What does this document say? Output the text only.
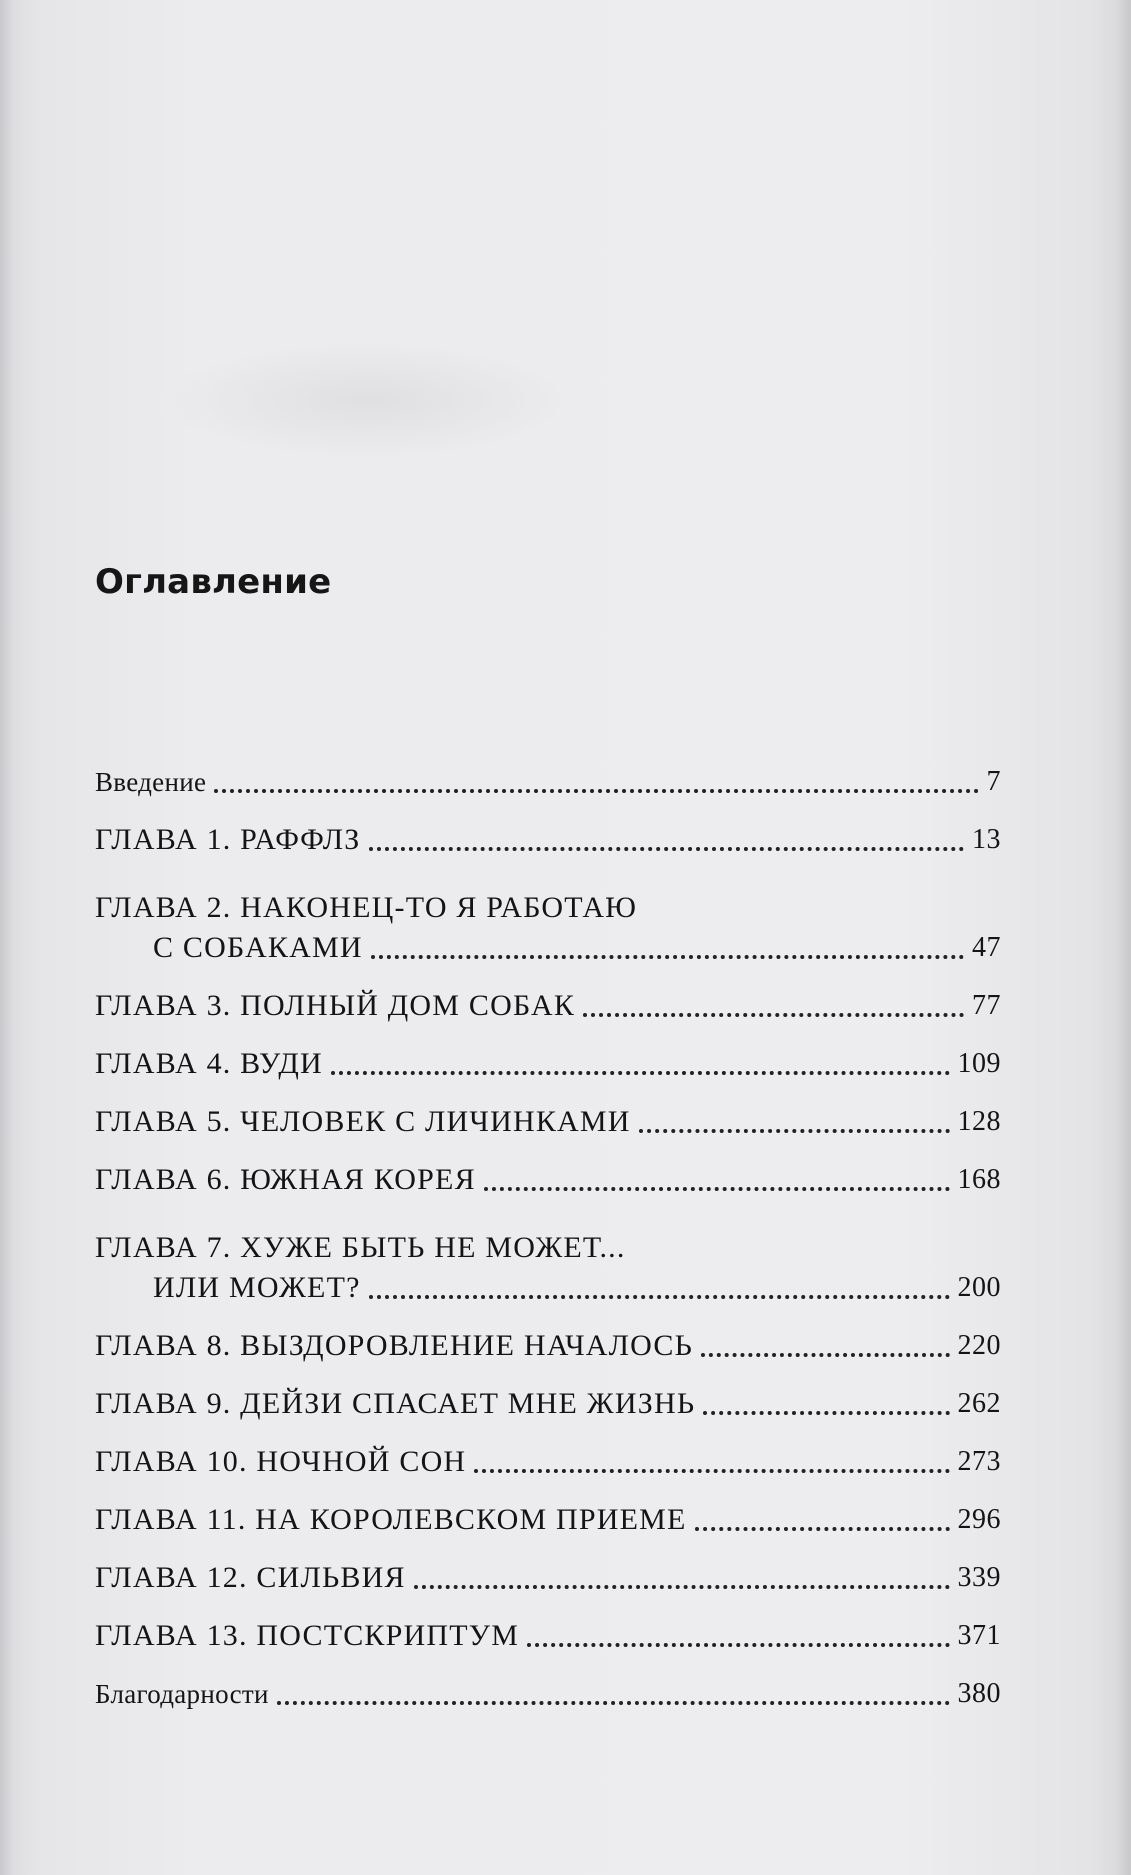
Оглавление
Введение	7
ГЛАВА 1. РАФФЛЗ	13
ГЛАВА 2. НАКОНЕЦ-ТО Я РАБОТАЮ
С СОБАКАМИ	47
ГЛАВА 3. ПОЛНЫЙ ДОМ СОБАК	77
ГЛАВА 4. ВУДИ	109
ГЛАВА 5. ЧЕЛОВЕК С ЛИЧИНКАМИ	128
ГЛАВА 6. ЮЖНАЯ КОРЕЯ	168
ГЛАВА 7. ХУЖЕ БЫТЬ НЕ МОЖЕТ...
ИЛИ МОЖЕТ?	200
ГЛАВА 8. ВЫЗДОРОВЛЕНИЕ НАЧАЛОСЬ	220
ГЛАВА 9. ДЕЙЗИ СПАСАЕТ МНЕ ЖИЗНЬ	262
ГЛАВА 10. НОЧНОЙ СОН	273
ГЛАВА 11. НА КОРОЛЕВСКОМ ПРИЕМЕ	296
ГЛАВА 12. СИЛЬВИЯ	339
ГЛАВА 13. ПОСТСКРИПТУМ	371
Благодарности	380
